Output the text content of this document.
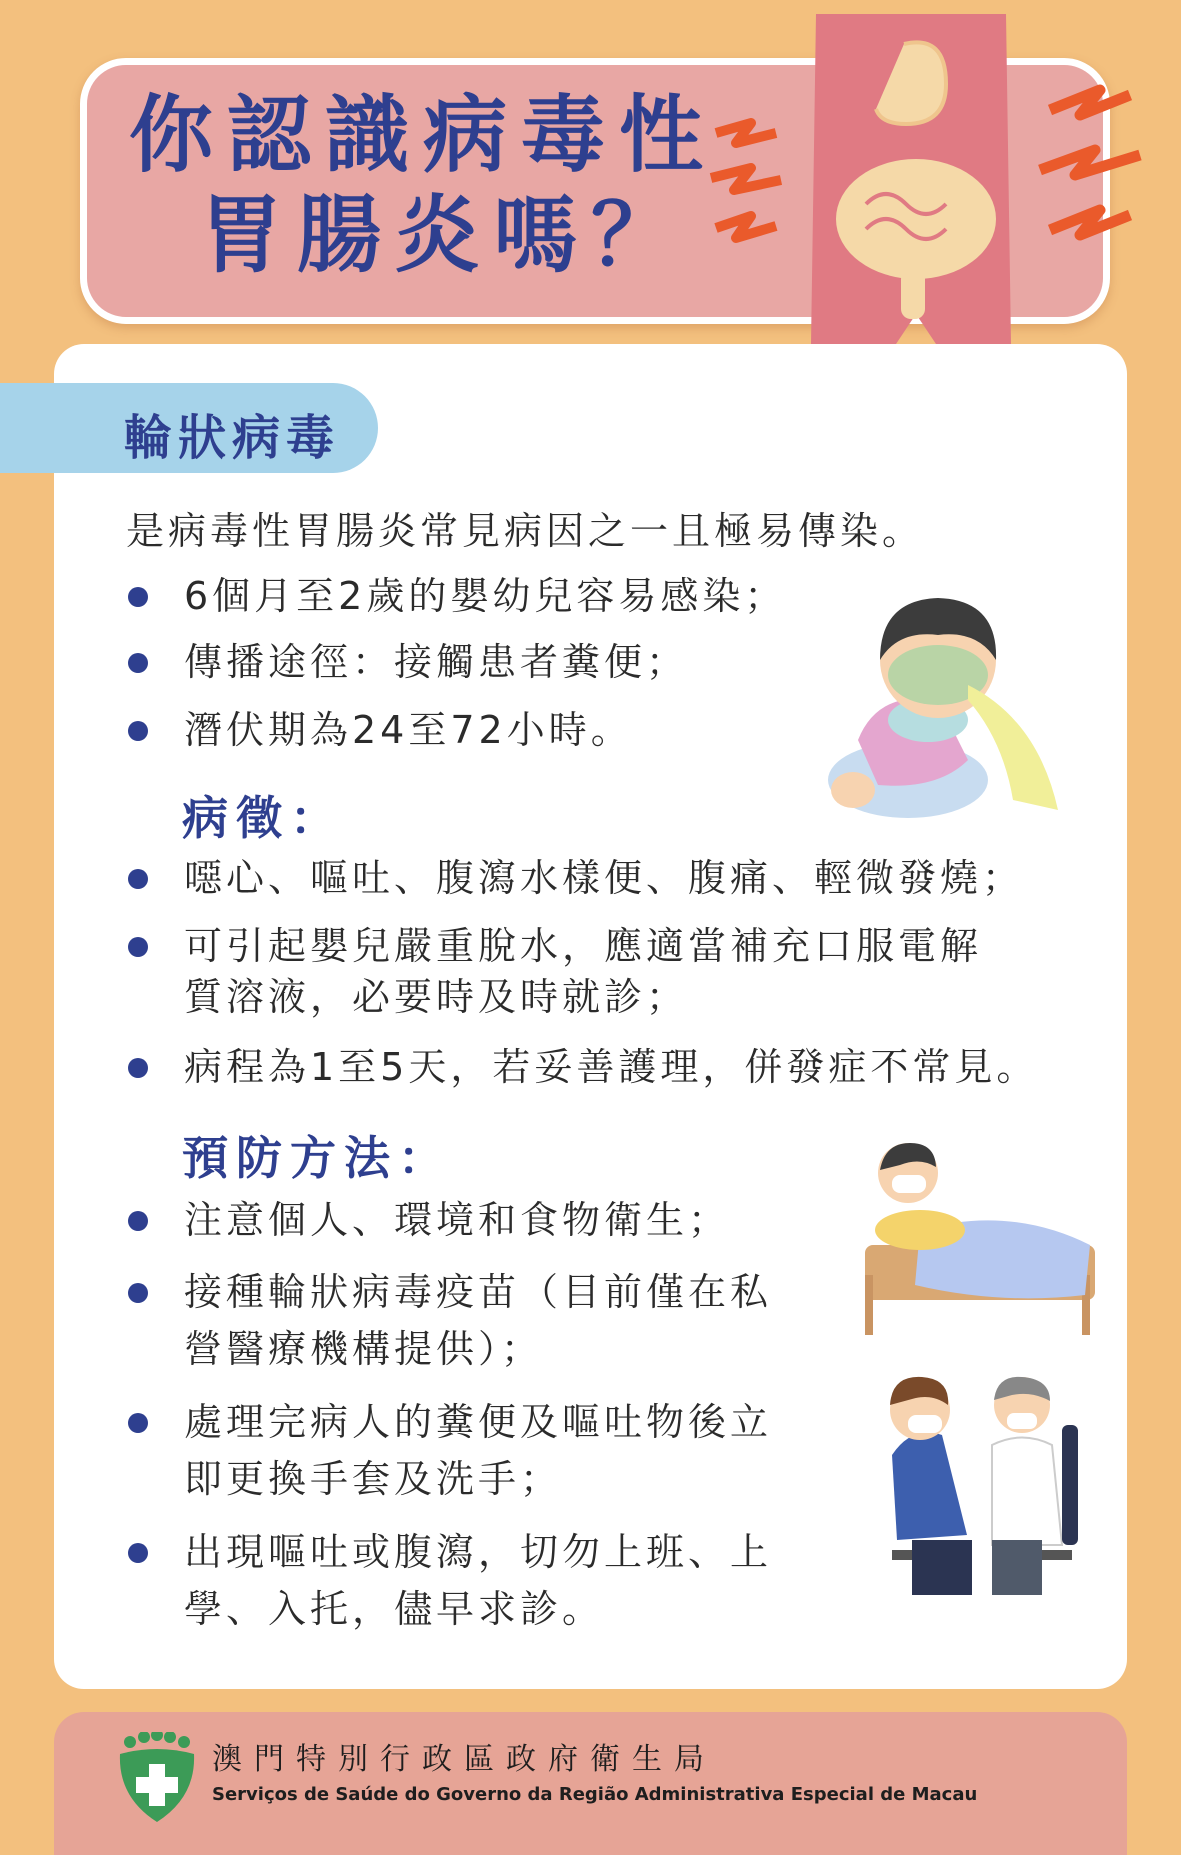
你認識病毒性
胃腸炎嗎？
輪狀病毒
是病毒性胃腸炎常見病因之一且極易傳染。
6個月至2歲的嬰幼兒容易感染；
傳播途徑：接觸患者糞便；
潛伏期為24至72小時。
病徵：
噁心、嘔吐、腹瀉水樣便、腹痛、輕微發燒；
可引起嬰兒嚴重脫水，應適當補充口服電解
質溶液，必要時及時就診；
病程為1至5天，若妥善護理，併發症不常見。
預防方法：
注意個人、環境和食物衛生；
接種輪狀病毒疫苗（目前僅在私
營醫療機構提供）；
處理完病人的糞便及嘔吐物後立
即更換手套及洗手；
出現嘔吐或腹瀉，切勿上班、上
學、入托，儘早求診。
澳門特別行政區政府衛生局
Serviços de Saúde do Governo da Região Administrativa Especial de Macau
